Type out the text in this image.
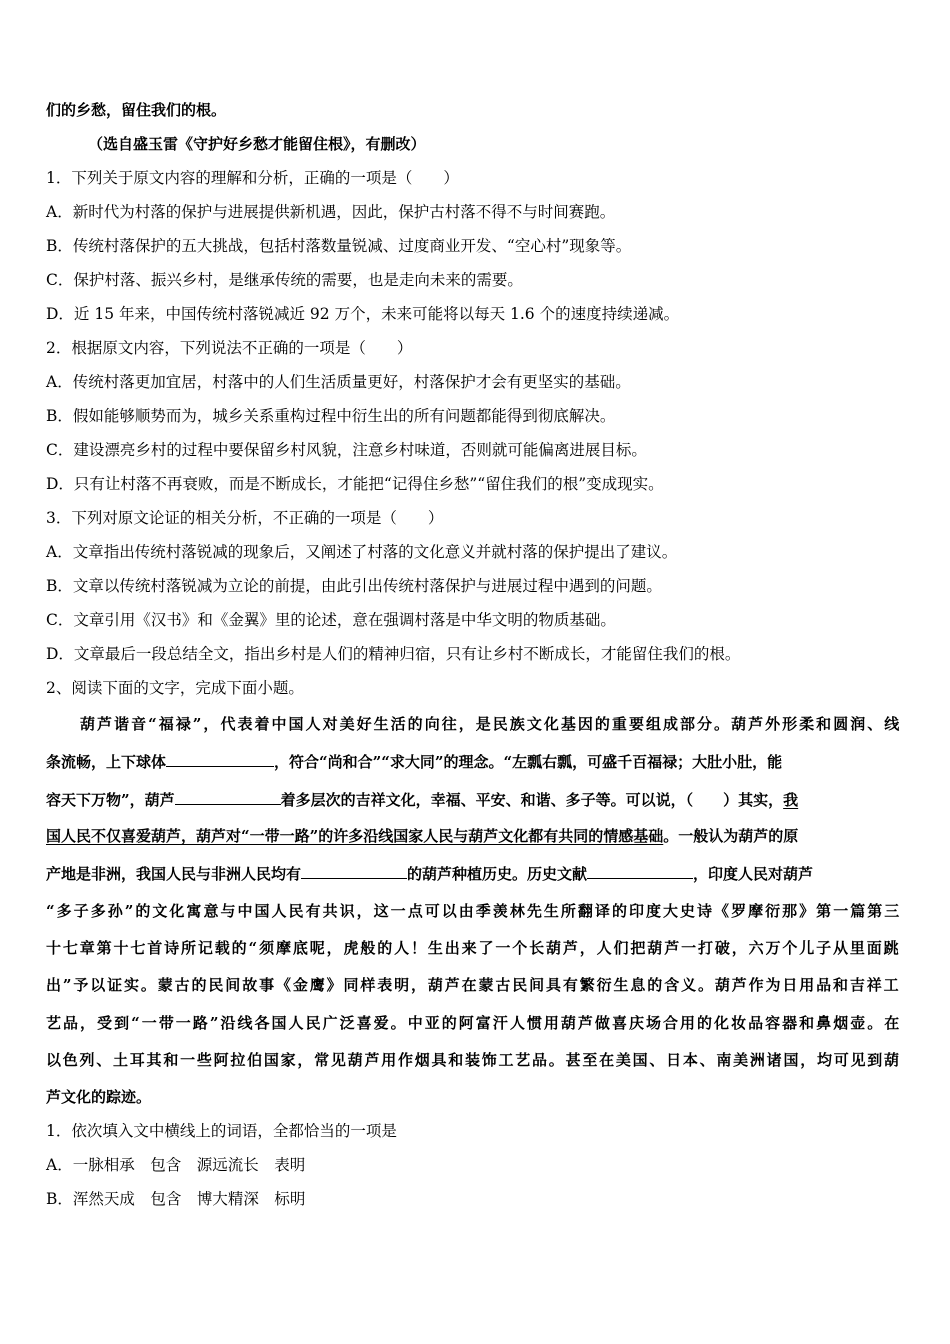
们的乡愁，留住我们的根。
（选自盛玉雷《守护好乡愁才能留住根》，有删改）
1．下列关于原文内容的理解和分析，正确的一项是（　　）
A．新时代为村落的保护与进展提供新机遇，因此，保护古村落不得不与时间赛跑。
B．传统村落保护的五大挑战，包括村落数量锐减、过度商业开发、“空心村”现象等。
C．保护村落、振兴乡村，是继承传统的需要，也是走向未来的需要。
D．近 15 年来，中国传统村落锐减近 92 万个，未来可能将以每天 1.6 个的速度持续递减。
2．根据原文内容，下列说法不正确的一项是（　　）
A．传统村落更加宜居，村落中的人们生活质量更好，村落保护才会有更坚实的基础。
B．假如能够顺势而为，城乡关系重构过程中衍生出的所有问题都能得到彻底解决。
C．建设漂亮乡村的过程中要保留乡村风貌，注意乡村味道，否则就可能偏离进展目标。
D．只有让村落不再衰败，而是不断成长，才能把“记得住乡愁”“留住我们的根”变成现实。
3．下列对原文论证的相关分析，不正确的一项是（　　）
A．文章指出传统村落锐减的现象后，又阐述了村落的文化意义并就村落的保护提出了建议。
B．文章以传统村落锐减为立论的前提，由此引出传统村落保护与进展过程中遇到的问题。
C．文章引用《汉书》和《金翼》里的论述，意在强调村落是中华文明的物质基础。
D．文章最后一段总结全文，指出乡村是人们的精神归宿，只有让乡村不断成长，才能留住我们的根。
2、阅读下面的文字，完成下面小题。
葫芦谐音“福禄”，代表着中国人对美好生活的向往，是民族文化基因的重要组成部分。葫芦外形柔和圆润、线
条流畅，上下球体	，符合“尚和合”“求大同”的理念。“左瓢右瓢，可盛千百福禄；大肚小肚，能
容天下万物”，葫芦	着多层次的吉祥文化，幸福、平安、和谐、多子等。可以说，（　　）其实，我
国人民不仅喜爱葫芦，葫芦对“一带一路”的许多沿线国家人民与葫芦文化都有共同的情感基础。一般认为葫芦的原
产地是非洲，我国人民与非洲人民均有	的葫芦种植历史。历史文献	，印度人民对葫芦
“多子多孙”的文化寓意与中国人民有共识，这一点可以由季羡林先生所翻译的印度大史诗《罗摩衍那》第一篇第三
十七章第十七首诗所记载的“须摩底呢，虎般的人！生出来了一个长葫芦，人们把葫芦一打破，六万个儿子从里面跳
出”予以证实。蒙古的民间故事《金鹰》同样表明，葫芦在蒙古民间具有繁衍生息的含义。葫芦作为日用品和吉祥工
艺品，受到“一带一路”沿线各国人民广泛喜爱。中亚的阿富汗人惯用葫芦做喜庆场合用的化妆品容器和鼻烟壶。在
以色列、土耳其和一些阿拉伯国家，常见葫芦用作烟具和装饰工艺品。甚至在美国、日本、南美洲诸国，均可见到葫
芦文化的踪迹。
1．依次填入文中横线上的词语，全都恰当的一项是
A．一脉相承　包含　源远流长　表明
B．浑然天成　包含　博大精深　标明
